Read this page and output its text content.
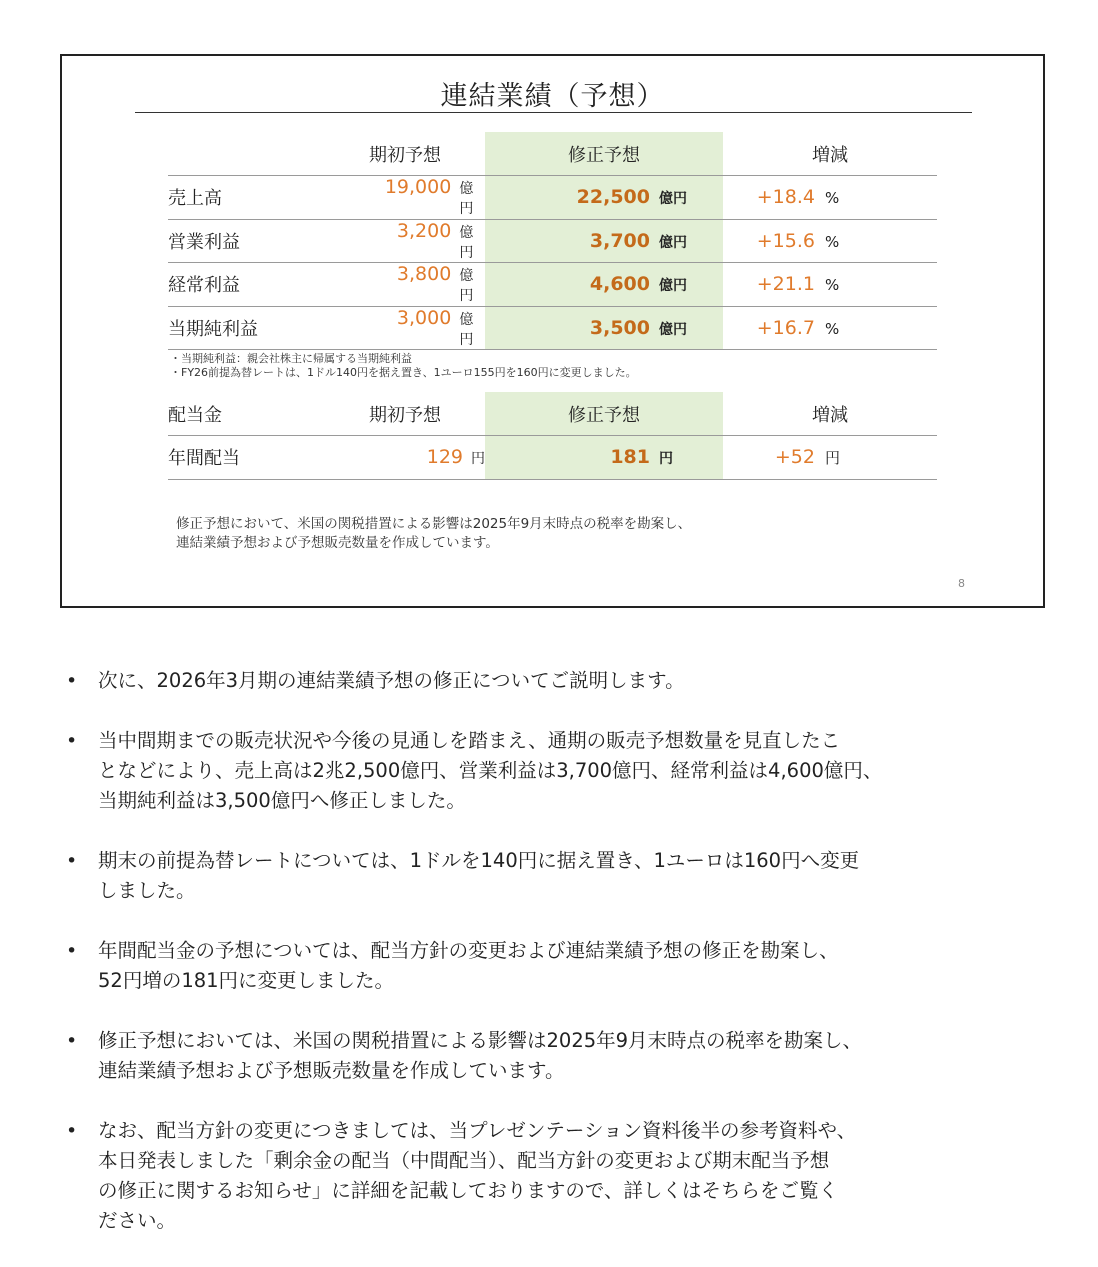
連結業績（予想）
	期初予想	修正予想	増減
売上高	19,000 億円	22,500 億円	+18.4 %

営業利益	3,200 億円	3,700 億円	+15.6 %

経常利益	3,800 億円	4,600 億円	+21.1 %

当期純利益	3,000 億円	3,500 億円	+16.7 %
・当期純利益：親会社株主に帰属する当期純利益
・FY26前提為替レートは、1ドル140円を据え置き、1ユーロ155円を160円に変更しました。
配当金	期初予想	修正予想	増減
年間配当	129 円	181 円	+52 円
修正予想において、米国の関税措置による影響は2025年9月末時点の税率を勘案し、
連結業績予想および予想販売数量を作成しています。
8
• 次に、2026年3月期の連結業績予想の修正についてご説明します。
• 当中間期までの販売状況や今後の見通しを踏まえ、通期の販売予想数量を見直したこ
となどにより、売上高は2兆2,500億円、営業利益は3,700億円、経常利益は4,600億円、
当期純利益は3,500億円へ修正しました。
• 期末の前提為替レートについては、1ドルを140円に据え置き、1ユーロは160円へ変更
しました。
• 年間配当金の予想については、配当方針の変更および連結業績予想の修正を勘案し、
52円増の181円に変更しました。
• 修正予想においては、米国の関税措置による影響は2025年9月末時点の税率を勘案し、
連結業績予想および予想販売数量を作成しています。
• なお、配当方針の変更につきましては、当プレゼンテーション資料後半の参考資料や、
本日発表しました「剰余金の配当（中間配当）、配当方針の変更および期末配当予想
の修正に関するお知らせ」に詳細を記載しておりますので、詳しくはそちらをご覧く
ださい。
